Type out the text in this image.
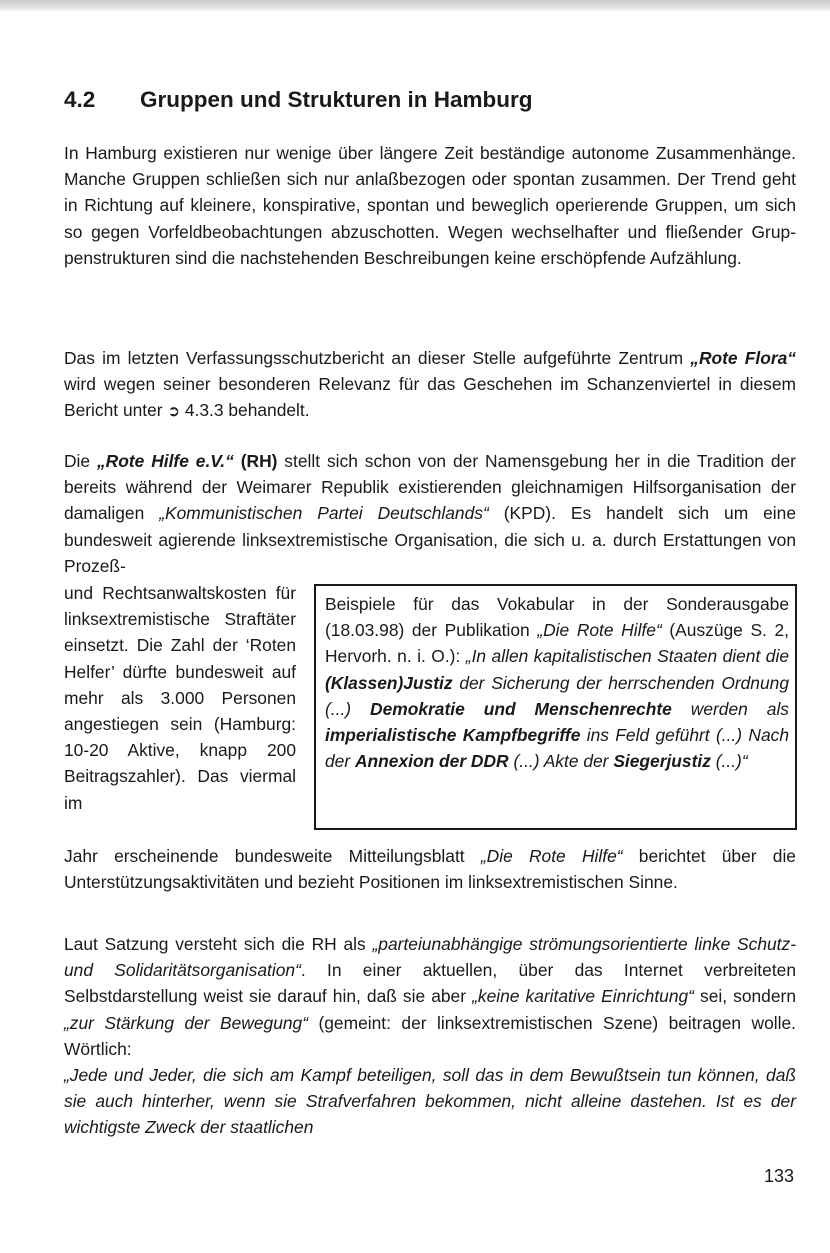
4.2 Gruppen und Strukturen in Hamburg

In Hamburg existieren nur wenige über längere Zeit beständige autonome Zusammenhänge. Manche Gruppen schließen sich nur anlaßbezogen oder spontan zusammen. Der Trend geht in Richtung auf kleinere, konspirative, spontan und beweglich operierende Gruppen, um sich so gegen Vorfeldbeobachtungen abzuschotten. Wegen wechselhafter und fließender Gruppenstrukturen sind die nachstehenden Beschreibungen keine erschöpfende Aufzählung.

Das im letzten Verfassungsschutzbericht an dieser Stelle aufgeführte Zentrum „Rote Flora“ wird wegen seiner besonderen Relevanz für das Geschehen im Schanzenviertel in diesem Bericht unter ➲ 4.3.3 behandelt.

Die „Rote Hilfe e.V.“ (RH) stellt sich schon von der Namensgebung her in die Tradition der bereits während der Weimarer Republik existierenden gleichnamigen Hilfsorganisation der damaligen „Kommunistischen Partei Deutschlands“ (KPD). Es handelt sich um eine bundesweit agierende linksextremistische Organisation, die sich u. a. durch Erstattungen von Prozeß-

und Rechtsanwaltskosten für linksextremistische Straftäter einsetzt. Die Zahl der ‘Roten Helfer’ dürfte bundesweit auf mehr als 3.000 Personen angestiegen sein (Hamburg: 10-20 Aktive, knapp 200 Beitragszahler). Das viermal im

Beispiele für das Vokabular in der Sonderausgabe (18.03.98) der Publikation „Die Rote Hilfe“ (Auszüge S. 2, Hervorh. n. i. O.): „In allen kapitalistischen Staaten dient die (Klassen)Justiz der Sicherung der herrschenden Ordnung (...) Demokratie und Menschenrechte werden als imperialistische Kampfbegriffe ins Feld geführt (...) Nach der Annexion der DDR (...) Akte der Siegerjustiz (...)“

Jahr erscheinende bundesweite Mitteilungsblatt „Die Rote Hilfe“ berichtet über die Unterstützungsaktivitäten und bezieht Positionen im linksextremistischen Sinne.

Laut Satzung versteht sich die RH als „parteiunabhängige strömungsorientierte linke Schutz- und Solidaritätsorganisation“. In einer aktuellen, über das Internet verbreiteten Selbstdarstellung weist sie darauf hin, daß sie aber „keine karitative Einrichtung“ sei, sondern „zur Stärkung der Bewegung“ (gemeint: der linksextremistischen Szene) beitragen wolle. Wörtlich:

„Jede und Jeder, die sich am Kampf beteiligen, soll das in dem Bewußtsein tun können, daß sie auch hinterher, wenn sie Strafverfahren bekommen, nicht alleine dastehen. Ist es der wichtigste Zweck der staatlichen

133
